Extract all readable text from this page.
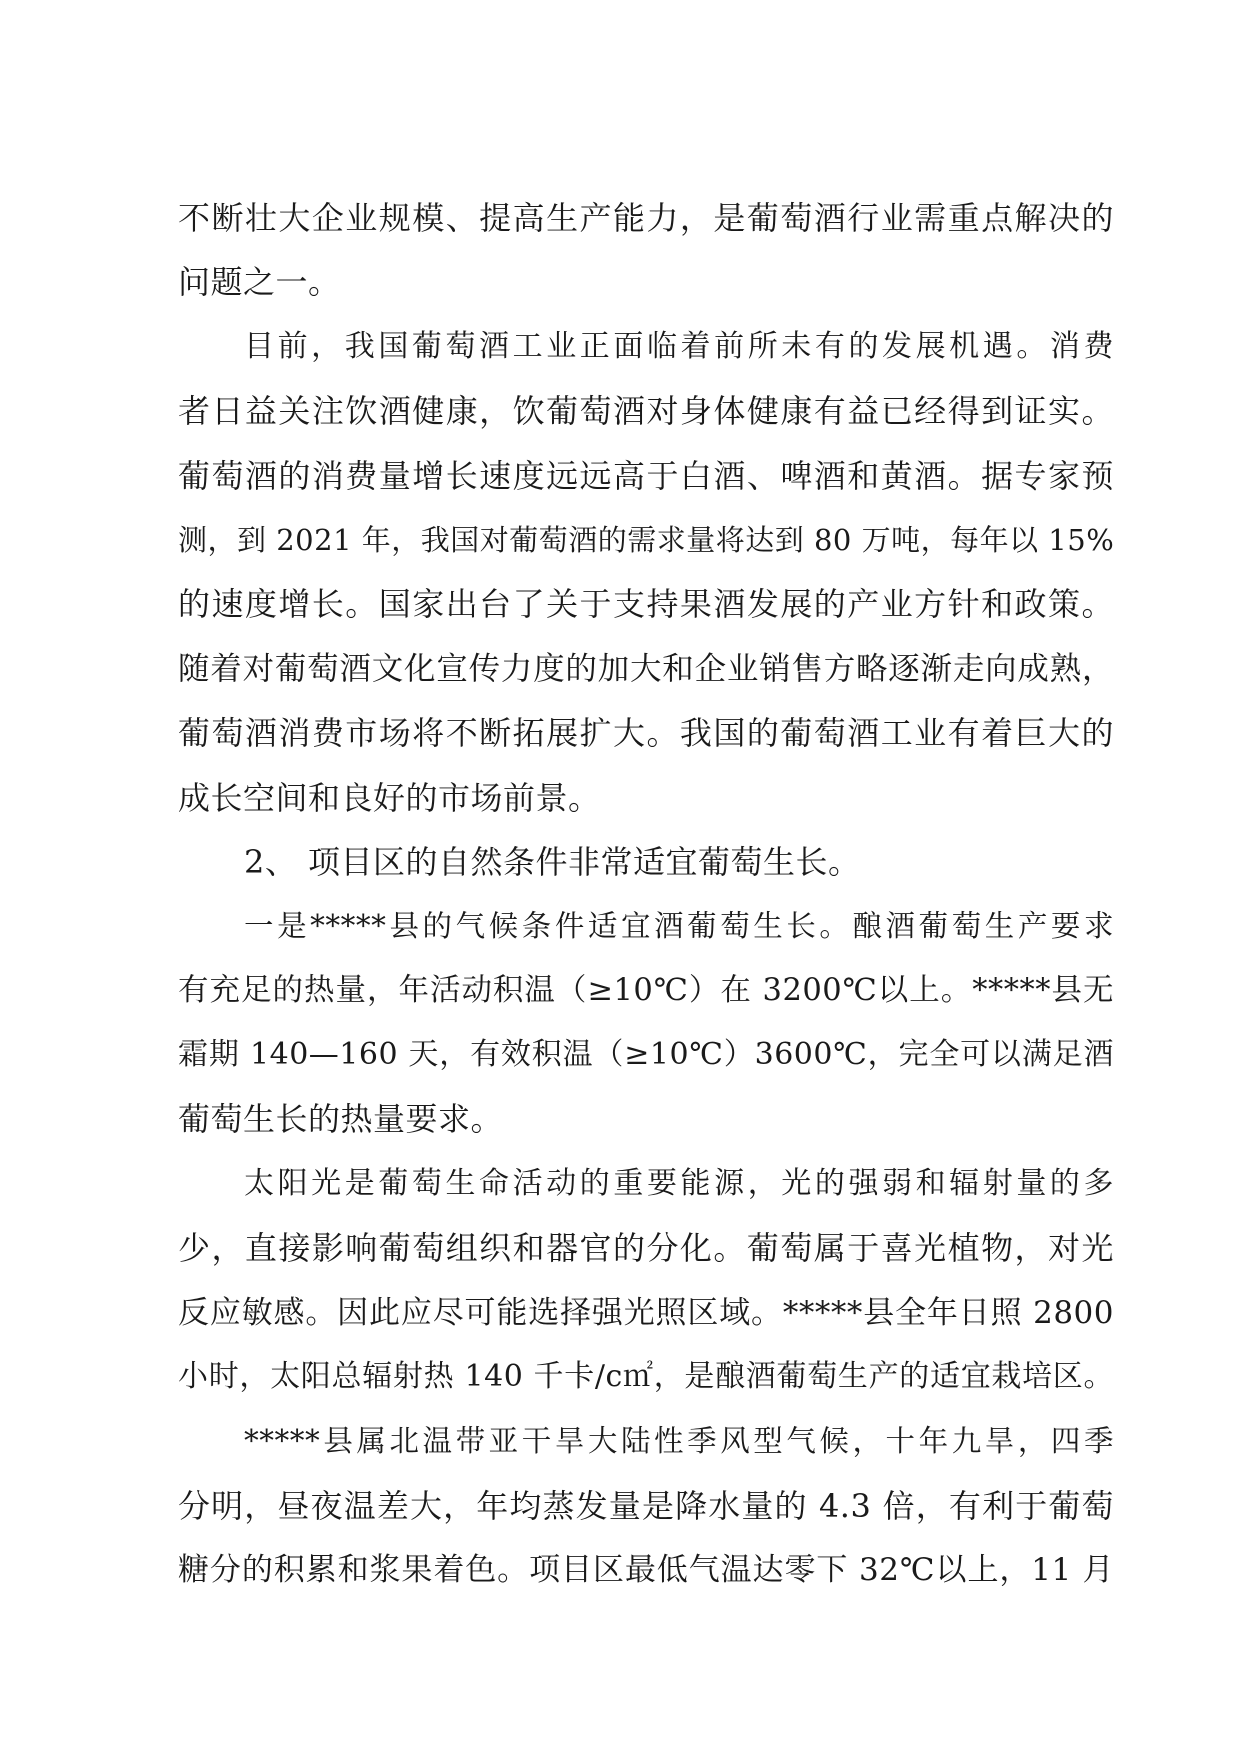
不断壮大企业规模、提高生产能力，是葡萄酒行业需重点解决的
问题之一。
目前，我国葡萄酒工业正面临着前所未有的发展机遇。消费
者日益关注饮酒健康，饮葡萄酒对身体健康有益已经得到证实。
葡萄酒的消费量增长速度远远高于白酒、啤酒和黄酒。据专家预
测，到 2021 年，我国对葡萄酒的需求量将达到 80 万吨，每年以 15%
的速度增长。国家出台了关于支持果酒发展的产业方针和政策。
随着对葡萄酒文化宣传力度的加大和企业销售方略逐渐走向成熟，
葡萄酒消费市场将不断拓展扩大。我国的葡萄酒工业有着巨大的
成长空间和良好的市场前景。
2、 项目区的自然条件非常适宜葡萄生长。
一是*****县的气候条件适宜酒葡萄生长。酿酒葡萄生产要求
有充足的热量，年活动积温（≥10℃）在 3200℃以上。*****县无
霜期 140—160 天，有效积温（≥10℃）3600℃，完全可以满足酒
葡萄生长的热量要求。
太阳光是葡萄生命活动的重要能源，光的强弱和辐射量的多
少，直接影响葡萄组织和器官的分化。葡萄属于喜光植物，对光
反应敏感。因此应尽可能选择强光照区域。*****县全年日照 2800
小时，太阳总辐射热 140 千卡/c㎡，是酿酒葡萄生产的适宜栽培区。
*****县属北温带亚干旱大陆性季风型气候，十年九旱，四季
分明，昼夜温差大，年均蒸发量是降水量的 4.3 倍，有利于葡萄
糖分的积累和浆果着色。项目区最低气温达零下 32℃以上，11 月
